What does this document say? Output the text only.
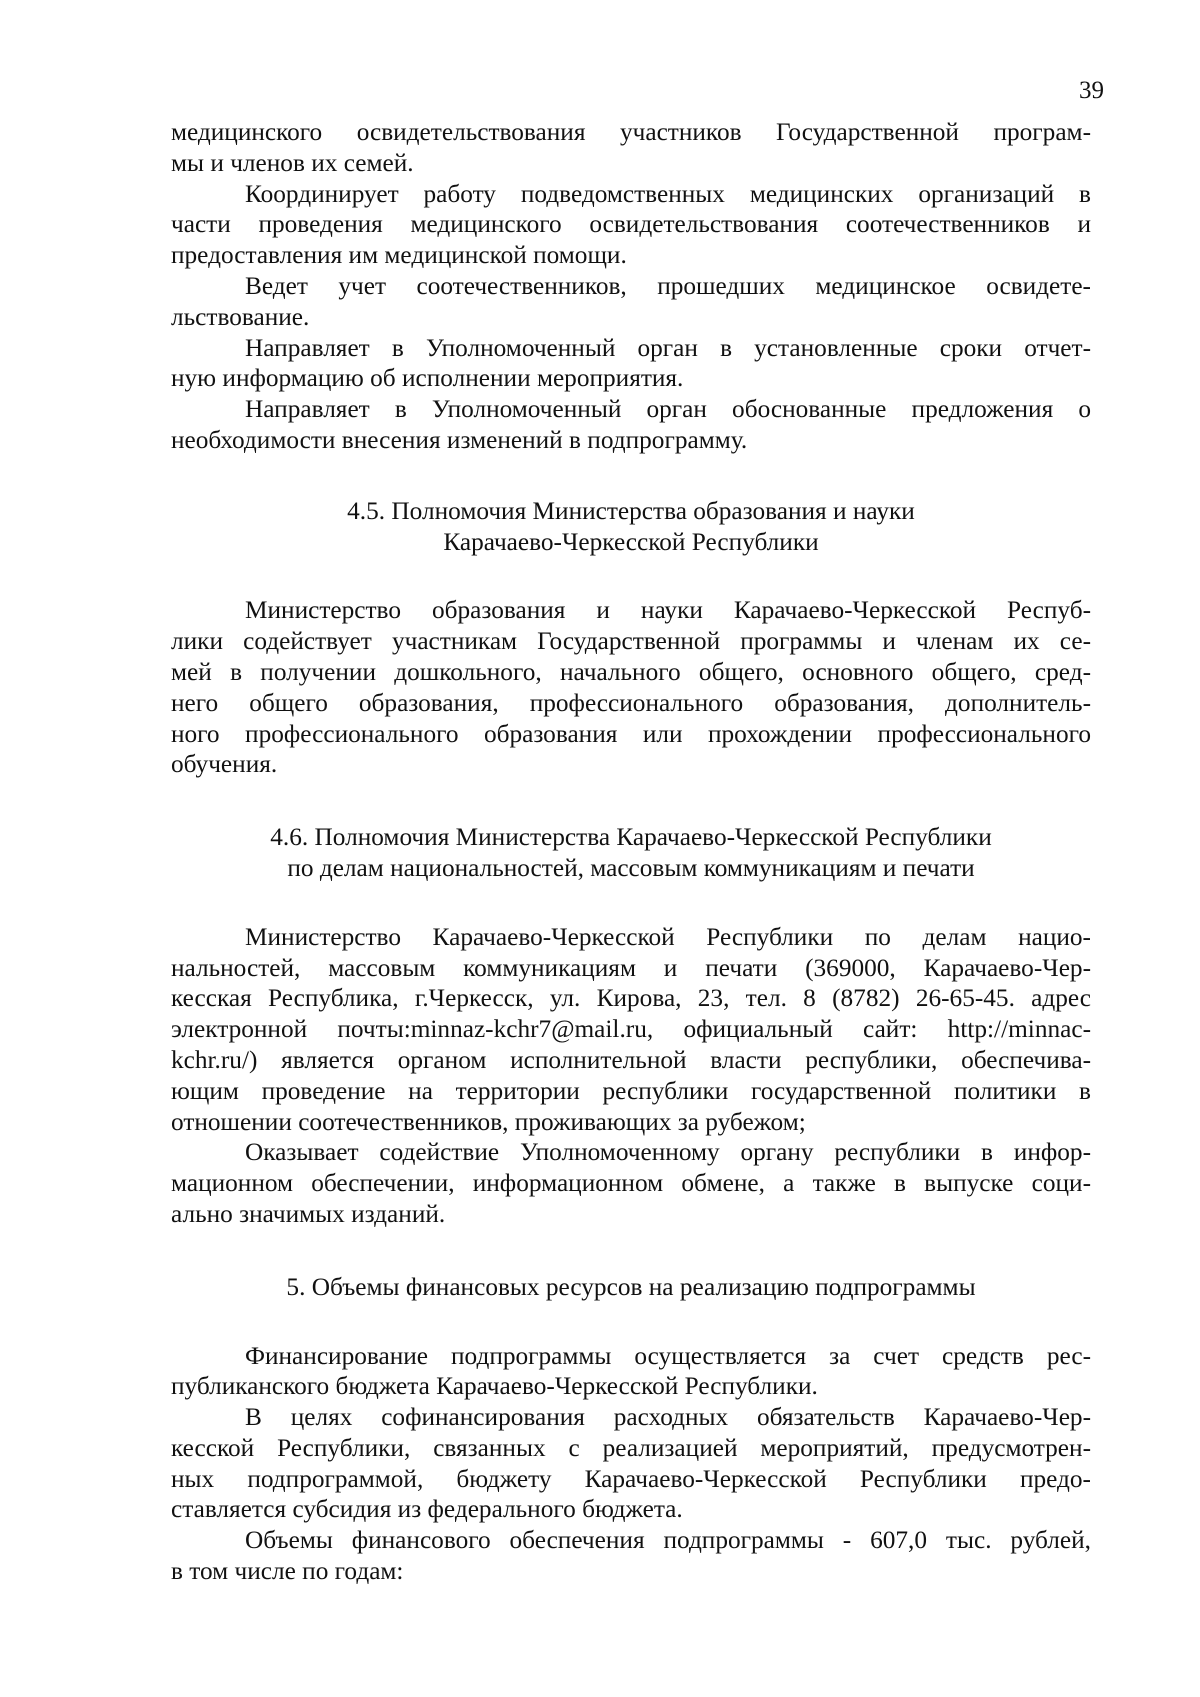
39
медицинского освидетельствования участников Государственной програм-
мы и членов их семей.
Координирует работу подведомственных медицинских организаций в
части проведения медицинского освидетельствования соотечественников и
предоставления им медицинской помощи.
Ведет учет соотечественников, прошедших медицинское освидете-
льствование.
Направляет в Уполномоченный орган в установленные сроки отчет-
ную информацию об исполнении мероприятия.
Направляет в Уполномоченный орган обоснованные предложения о
необходимости внесения изменений в подпрограмму.
4.5. Полномочия Министерства образования и науки
Карачаево-Черкесской Республики
Министерство образования и науки Карачаево-Черкесской Респуб-
лики содействует участникам Государственной программы и членам их се-
мей в получении дошкольного, начального общего, основного общего, сред-
него общего образования, профессионального образования, дополнитель-
ного профессионального образования или прохождении профессионального
обучения.
4.6. Полномочия Министерства Карачаево-Черкесской Республики
по делам национальностей, массовым коммуникациям и печати
Министерство Карачаево-Черкесской Республики по делам нацио-
нальностей, массовым коммуникациям и печати (369000, Карачаево-Чер-
кесская Республика, г.Черкесск, ул. Кирова, 23, тел. 8 (8782) 26-65-45. адрес
электронной почты:minnaz-kchr7@mail.ru, официальный сайт: http://minnac-
kchr.ru/) является органом исполнительной власти республики, обеспечива-
ющим проведение на территории республики государственной политики в
отношении соотечественников, проживающих за рубежом;
Оказывает содействие Уполномоченному органу республики в инфор-
мационном обеспечении, информационном обмене, а также в выпуске соци-
ально значимых изданий.
5. Объемы финансовых ресурсов на реализацию подпрограммы
Финансирование подпрограммы осуществляется за счет средств рес-
публиканского бюджета Карачаево-Черкесской Республики.
В целях софинансирования расходных обязательств Карачаево-Чер-
кесской Республики, связанных с реализацией мероприятий, предусмотрен-
ных подпрограммой, бюджету Карачаево-Черкесской Республики предо-
ставляется субсидия из федерального бюджета.
Объемы финансового обеспечения подпрограммы - 607,0 тыс. рублей,
в том числе по годам:
